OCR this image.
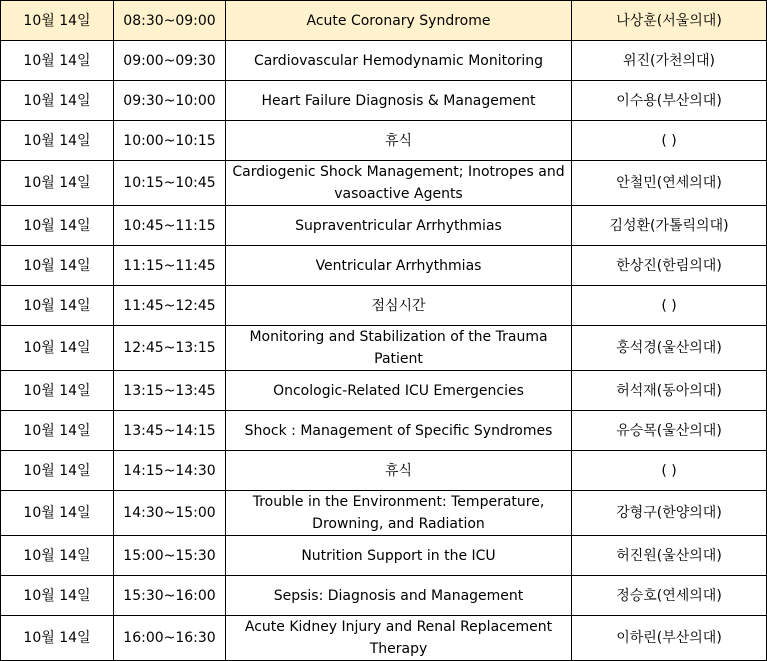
10월 14일	08:30~09:00	Acute Coronary Syndrome	나상훈(서울의대)
10월 14일	09:00~09:30	Cardiovascular Hemodynamic Monitoring	위진(가천의대)
10월 14일	09:30~10:00	Heart Failure Diagnosis & Management	이수용(부산의대)
10월 14일	10:00~10:15	휴식	( )
10월 14일	10:15~10:45	Cardiogenic Shock Management; Inotropes and vasoactive Agents	안철민(연세의대)
10월 14일	10:45~11:15	Supraventricular Arrhythmias	김성환(가톨릭의대)
10월 14일	11:15~11:45	Ventricular Arrhythmias	한상진(한림의대)
10월 14일	11:45~12:45	점심시간	( )
10월 14일	12:45~13:15	Monitoring and Stabilization of the Trauma Patient	홍석경(울산의대)
10월 14일	13:15~13:45	Oncologic-Related ICU Emergencies	허석재(동아의대)
10월 14일	13:45~14:15	Shock : Management of Specific Syndromes	유승목(울산의대)
10월 14일	14:15~14:30	휴식	( )
10월 14일	14:30~15:00	Trouble in the Environment: Temperature, Drowning, and Radiation	강형구(한양의대)
10월 14일	15:00~15:30	Nutrition Support in the ICU	허진원(울산의대)
10월 14일	15:30~16:00	Sepsis: Diagnosis and Management	정승호(연세의대)
10월 14일	16:00~16:30	Acute Kidney Injury and Renal Replacement Therapy	이하린(부산의대)
